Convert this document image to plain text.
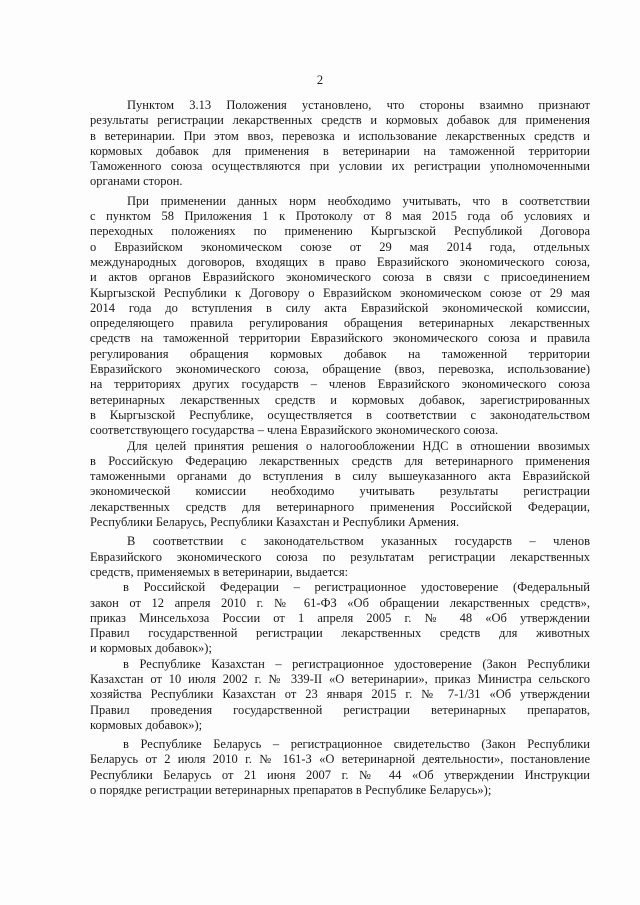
2
Пунктом 3.13 Положения установлено, что стороны взаимно признают
результаты регистрации лекарственных средств и кормовых добавок для применения
в ветеринарии. При этом ввоз, перевозка и использование лекарственных средств и
кормовых добавок для применения в ветеринарии на таможенной территории
Таможенного союза осуществляются при условии их регистрации уполномоченными
органами сторон.
При применении данных норм необходимо учитывать, что в соответствии
с пунктом 58 Приложения 1 к Протоколу от 8 мая 2015 года об условиях и
переходных положениях по применению Кыргызской Республикой Договора
о Евразийском экономическом союзе от 29 мая 2014 года, отдельных
международных договоров, входящих в право Евразийского экономического союза,
и актов органов Евразийского экономического союза в связи с присоединением
Кыргызской Республики к Договору о Евразийском экономическом союзе от 29 мая
2014 года до вступления в силу акта Евразийской экономической комиссии,
определяющего правила регулирования обращения ветеринарных лекарственных
средств на таможенной территории Евразийского экономического союза и правила
регулирования обращения кормовых добавок на таможенной территории
Евразийского экономического союза, обращение (ввоз, перевозка, использование)
на территориях других государств – членов Евразийского экономического союза
ветеринарных лекарственных средств и кормовых добавок, зарегистрированных
в Кыргызской Республике, осуществляется в соответствии с законодательством
соответствующего государства – члена Евразийского экономического союза.
Для целей принятия решения о налогообложении НДС в отношении ввозимых
в Российскую Федерацию лекарственных средств для ветеринарного применения
таможенными органами до вступления в силу вышеуказанного акта Евразийской
экономической комиссии необходимо учитывать результаты регистрации
лекарственных средств для ветеринарного применения Российской Федерации,
Республики Беларусь, Республики Казахстан и Республики Армения.
В соответствии с законодательством указанных государств – членов
Евразийского экономического союза по результатам регистрации лекарственных
средств, применяемых в ветеринарии, выдается:
в Российской Федерации – регистрационное удостоверение (Федеральный
закон от 12 апреля 2010 г. № 61-ФЗ «Об обращении лекарственных средств»,
приказ Минсельхоза России от 1 апреля 2005 г. № 48 «Об утверждении
Правил государственной регистрации лекарственных средств для животных
и кормовых добавок»);
в Республике Казахстан – регистрационное удостоверение (Закон Республики
Казахстан от 10 июля 2002 г. № 339-II «О ветеринарии», приказ Министра сельского
хозяйства Республики Казахстан от 23 января 2015 г. № 7-1/31 «Об утверждении
Правил проведения государственной регистрации ветеринарных препаратов,
кормовых добавок»);
в Республике Беларусь – регистрационное свидетельство (Закон Республики
Беларусь от 2 июля 2010 г. № 161-З «О ветеринарной деятельности», постановление
Республики Беларусь от 21 июня 2007 г. № 44 «Об утверждении Инструкции
о порядке регистрации ветеринарных препаратов в Республике Беларусь»);
